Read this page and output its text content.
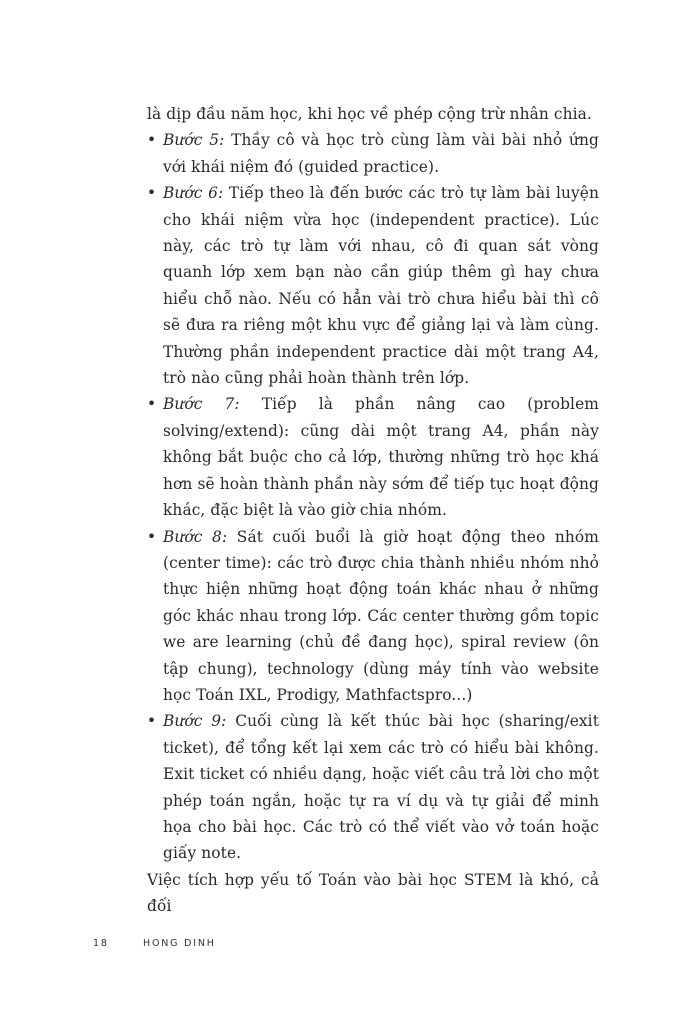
là dịp đầu năm học, khi học về phép cộng trừ nhân chia.

• Bước 5: Thầy cô và học trò cùng làm vài bài nhỏ ứng với khái niệm đó (guided practice).
• Bước 6: Tiếp theo là đến bước các trò tự làm bài luyện cho khái niệm vừa học (independent practice). Lúc này, các trò tự làm với nhau, cô đi quan sát vòng quanh lớp xem bạn nào cần giúp thêm gì hay chưa hiểu chỗ nào. Nếu có hẳn vài trò chưa hiểu bài thì cô sẽ đưa ra riêng một khu vực để giảng lại và làm cùng. Thường phần independent practice dài một trang A4, trò nào cũng phải hoàn thành trên lớp.
• Bước 7: Tiếp là phần nâng cao (problem solving/extend): cũng dài một trang A4, phần này không bắt buộc cho cả lớp, thường những trò học khá hơn sẽ hoàn thành phần này sớm để tiếp tục hoạt động khác, đặc biệt là vào giờ chia nhóm.
• Bước 8: Sát cuối buổi là giờ hoạt động theo nhóm (center time): các trò được chia thành nhiều nhóm nhỏ thực hiện những hoạt động toán khác nhau ở những góc khác nhau trong lớp. Các center thường gồm topic we are learning (chủ đề đang học), spiral review (ôn tập chung), technology (dùng máy tính vào website học Toán IXL, Prodigy, Mathfactspro...)
• Bước 9: Cuối cùng là kết thúc bài học (sharing/exit ticket), để tổng kết lại xem các trò có hiểu bài không. Exit ticket có nhiều dạng, hoặc viết câu trả lời cho một phép toán ngắn, hoặc tự ra ví dụ và tự giải để minh họa cho bài học. Các trò có thể viết vào vở toán hoặc giấy note.

Việc tích hợp yếu tố Toán vào bài học STEM là khó, cả đối

18	HONG DINH
